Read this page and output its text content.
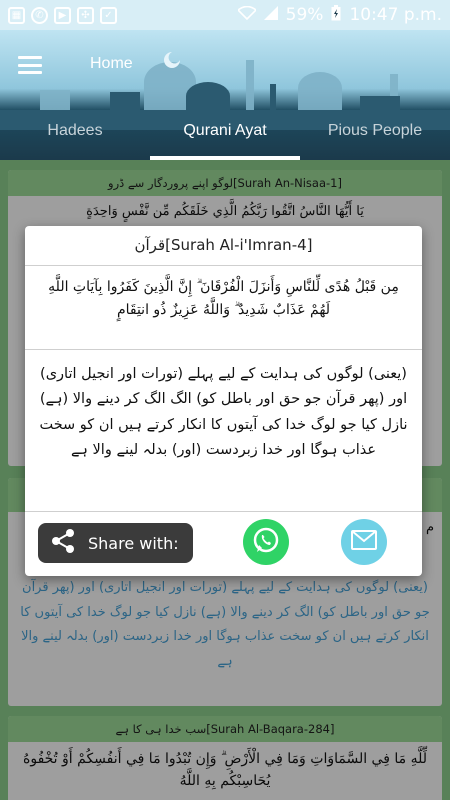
▦	✆	▶	✣	✓	59% 10:47 p.m.
Home
Hadees	Qurani Ayat	Pious People
لوگو اپنے پروردگار سے ڈرو[Surah An-Nisaa-1]
يَا أَيُّهَا النَّاسُ اتَّقُوا رَبَّكُمُ الَّذِي خَلَقَكُم مِّن نَّفْسٍ وَاحِدَةٍ
م
(یعنی) لوگوں کی ہدایت کے لیے پہلے (تورات اور انجیل اتاری) اور (پھر قرآن جو حق اور باطل کو) الگ کر دینے والا (ہے) نازل کیا جو لوگ خدا کی آیتوں کا انکار کرتے ہیں ان کو سخت عذاب ہوگا اور خدا زبردست (اور) بدلہ لینے والا ہے
سب خدا ہی کا ہے[Surah Al-Baqara-284]
لِّلَّهِ مَا فِي السَّمَاوَاتِ وَمَا فِي الْأَرْضِ ۗ وَإِن تُبْدُوا مَا فِي أَنفُسِكُمْ أَوْ تُخْفُوهُ يُحَاسِبْكُم بِهِ اللَّهُ
قرآن[Surah Al-i'Imran-4]
مِن قَبْلُ هُدًى لِّلنَّاسِ وَأَنزَلَ الْفُرْقَانَ ۗ إِنَّ الَّذِينَ كَفَرُوا بِآيَاتِ اللَّهِ لَهُمْ عَذَابٌ شَدِيدٌ ۗ وَاللَّهُ عَزِيزٌ ذُو انتِقَامٍ
(یعنی) لوگوں کی ہدایت کے لیے پہلے (تورات اور انجیل اتاری) اور (پھر قرآن جو حق اور باطل کو) الگ الگ کر دینے والا (ہے) نازل کیا جو لوگ خدا کی آیتوں کا انکار کرتے ہیں ان کو سخت عذاب ہوگا اور خدا زبردست (اور) بدلہ لینے والا ہے
Share with:
